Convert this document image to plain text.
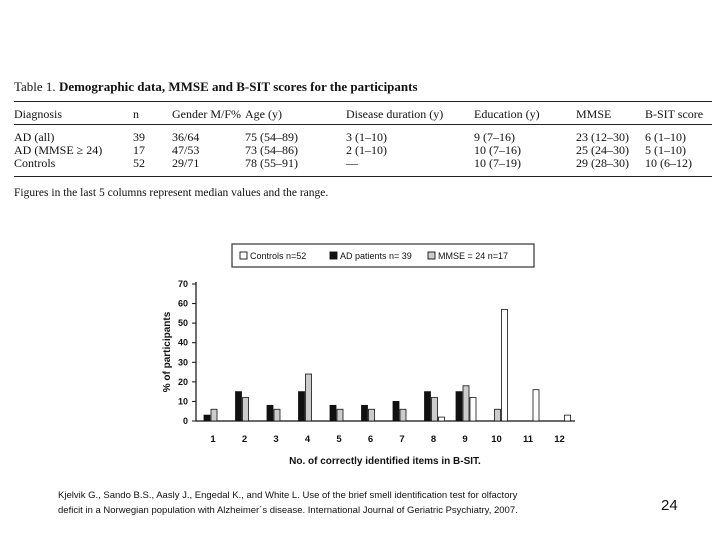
Table 1. Demographic data, MMSE and B-SIT scores for the participants
Diagnosis	n	Gender M/F% Age (y)	Disease duration (y)	Education (y)	MMSE	B-SIT score
AD (all)	39 36/64	75 (54–89)	3 (1–10)	9 (7–16)	23 (12–30) 6 (1–10)
AD (MMSE ≥ 24)	17 47/53	73 (54–86)	2 (1–10)	10 (7–16)	25 (24–30) 5 (1–10)
Controls	52 29/71	78 (55–91)	—	10 (7–19)	29 (28–30) 10 (6–12)
Figures in the last 5 columns represent median values and the range.
Controls n=52	AD patients n= 39	MMSE = 24 n=17
0
10
20
30
40
50
60
70
% of participants
1	2	3	4	5	6	7	8	9 10 11 12
No. of correctly identified items in B-SIT.
Kjelvik G., Sando B.S., Aasly J., Engedal K., and White L. Use of the brief smell identification test for olfactory
deficit in a Norwegian population with Alzheimer´s disease. International Journal of Geriatric Psychiatry, 2007.	24
